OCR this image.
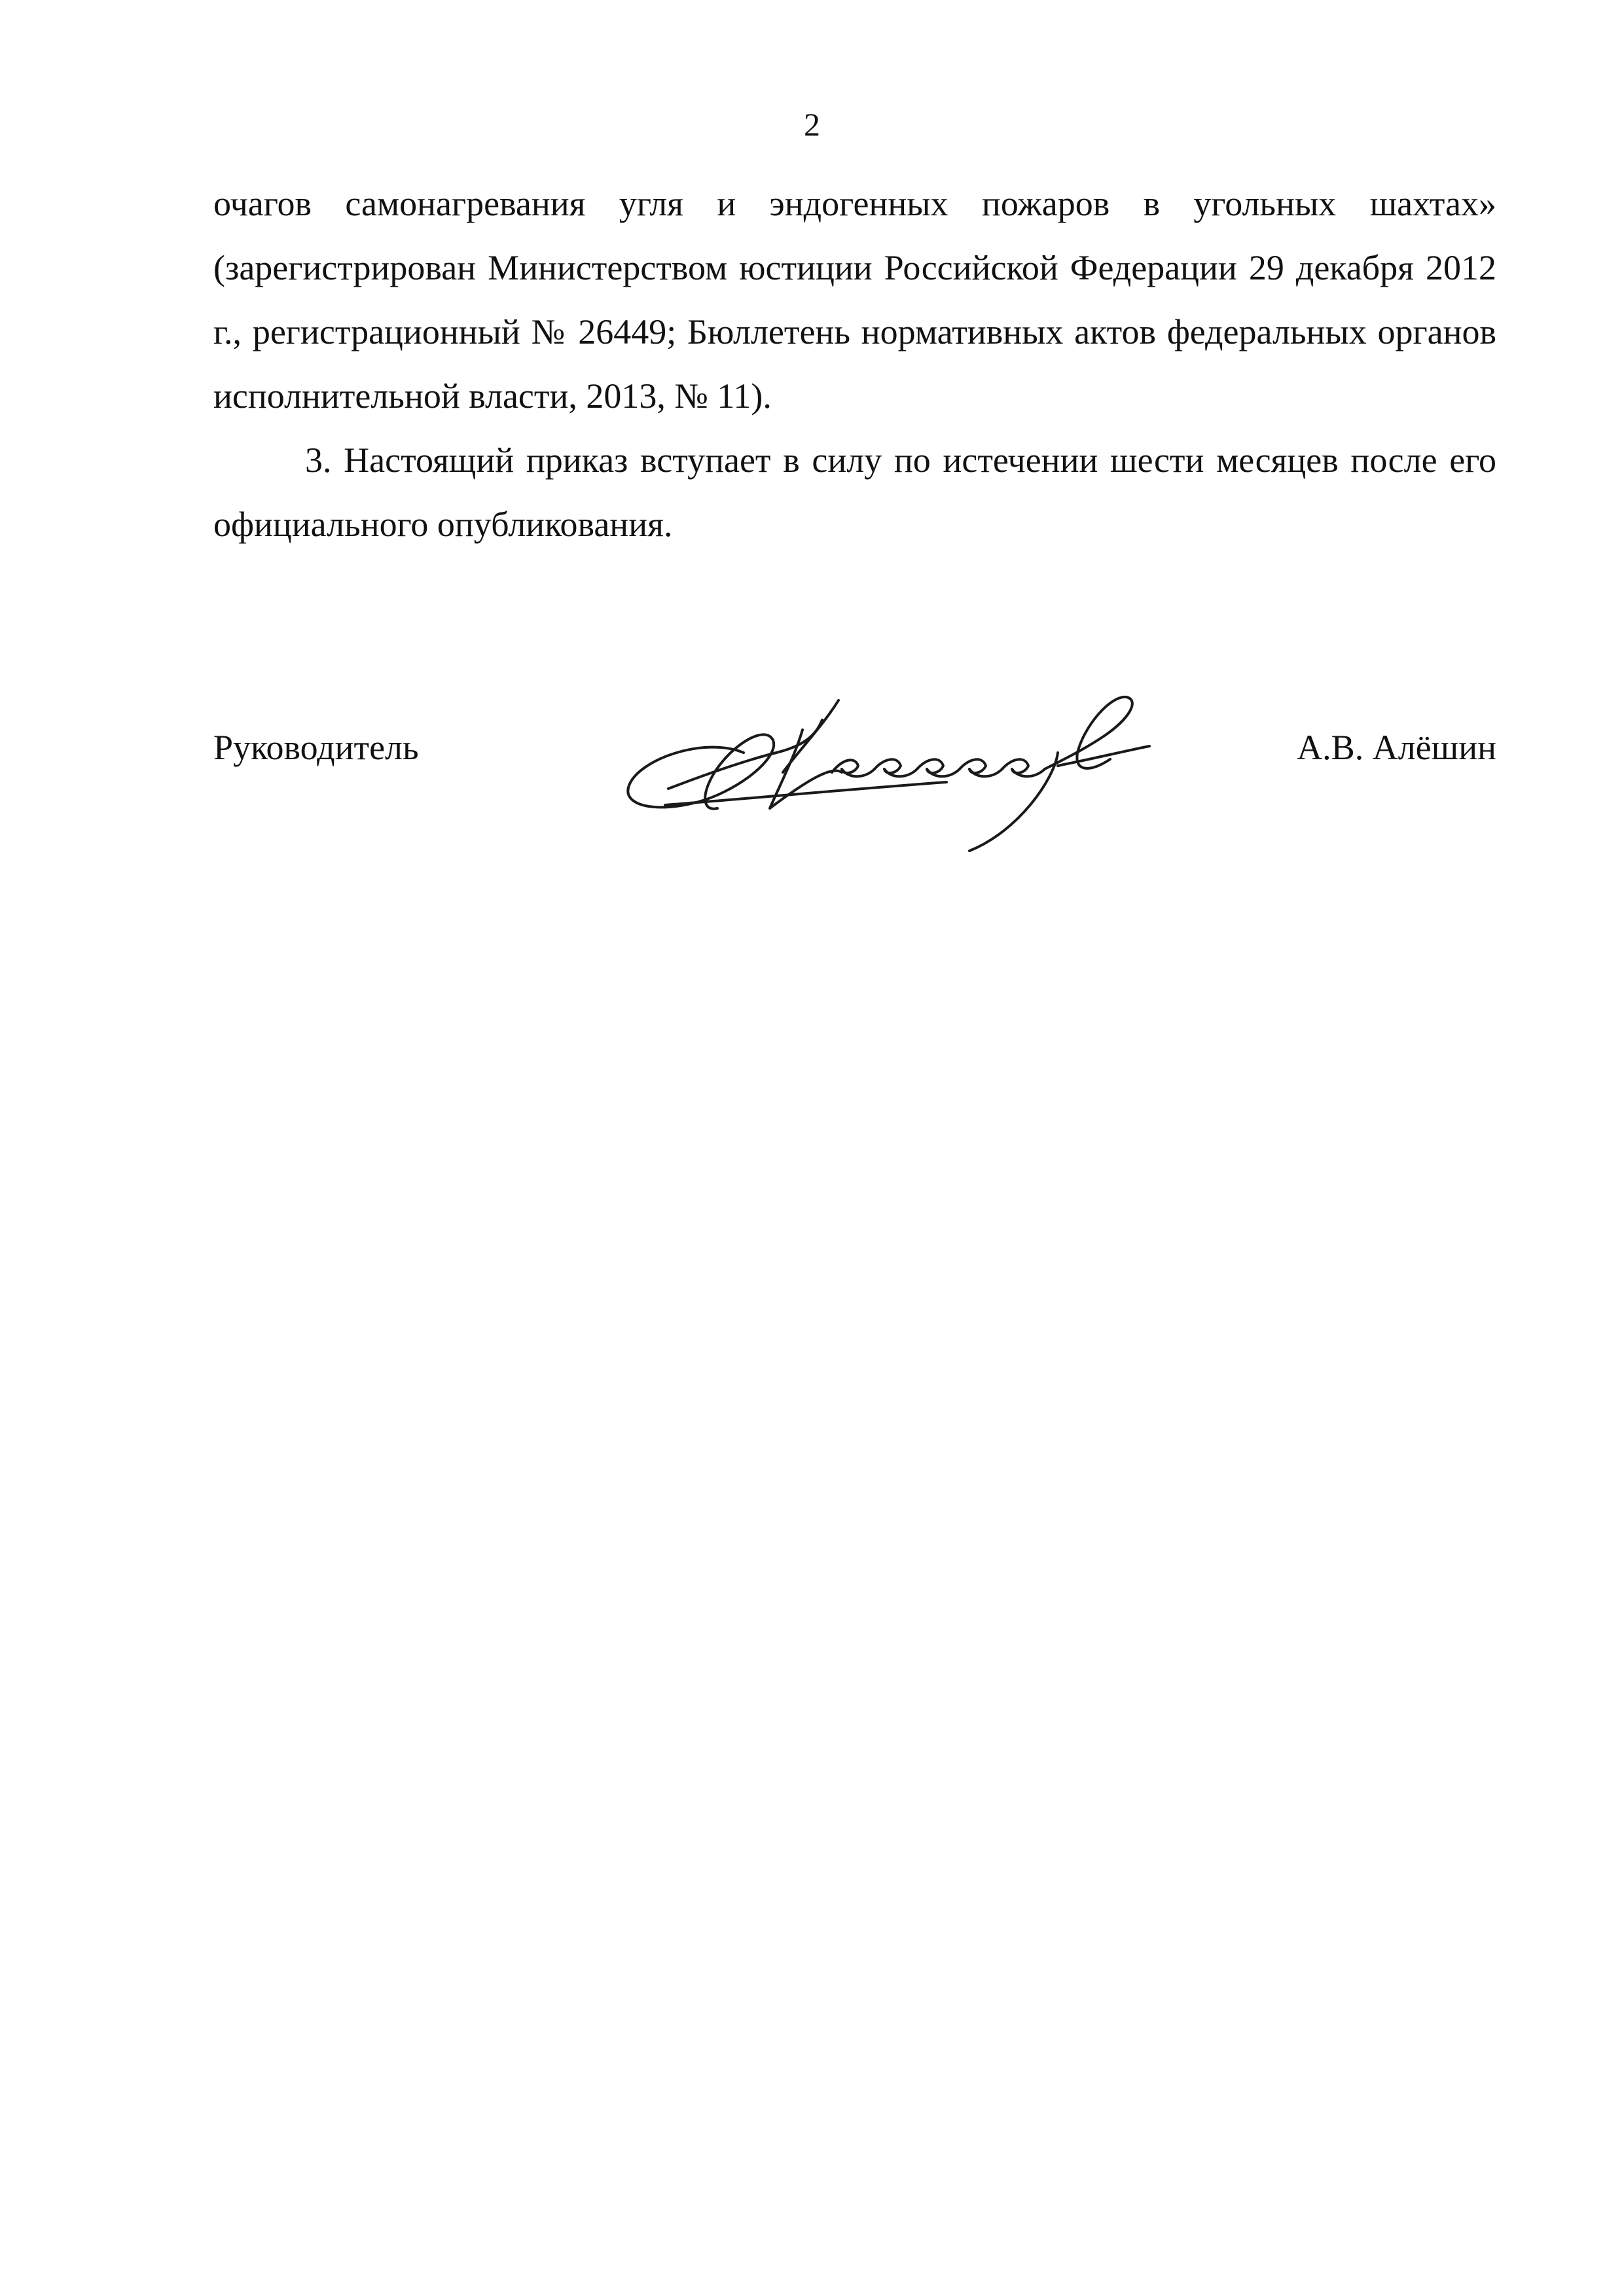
2

очагов самонагревания угля и эндогенных пожаров в угольных шахтах» (зарегистрирован Министерством юстиции Российской Федерации 29 декабря 2012 г., регистрационный № 26449; Бюллетень нормативных актов федеральных органов исполнительной власти, 2013, № 11).

3. Настоящий приказ вступает в силу по истечении шести месяцев после его официального опубликования.

Руководитель	А.В. Алёшин
